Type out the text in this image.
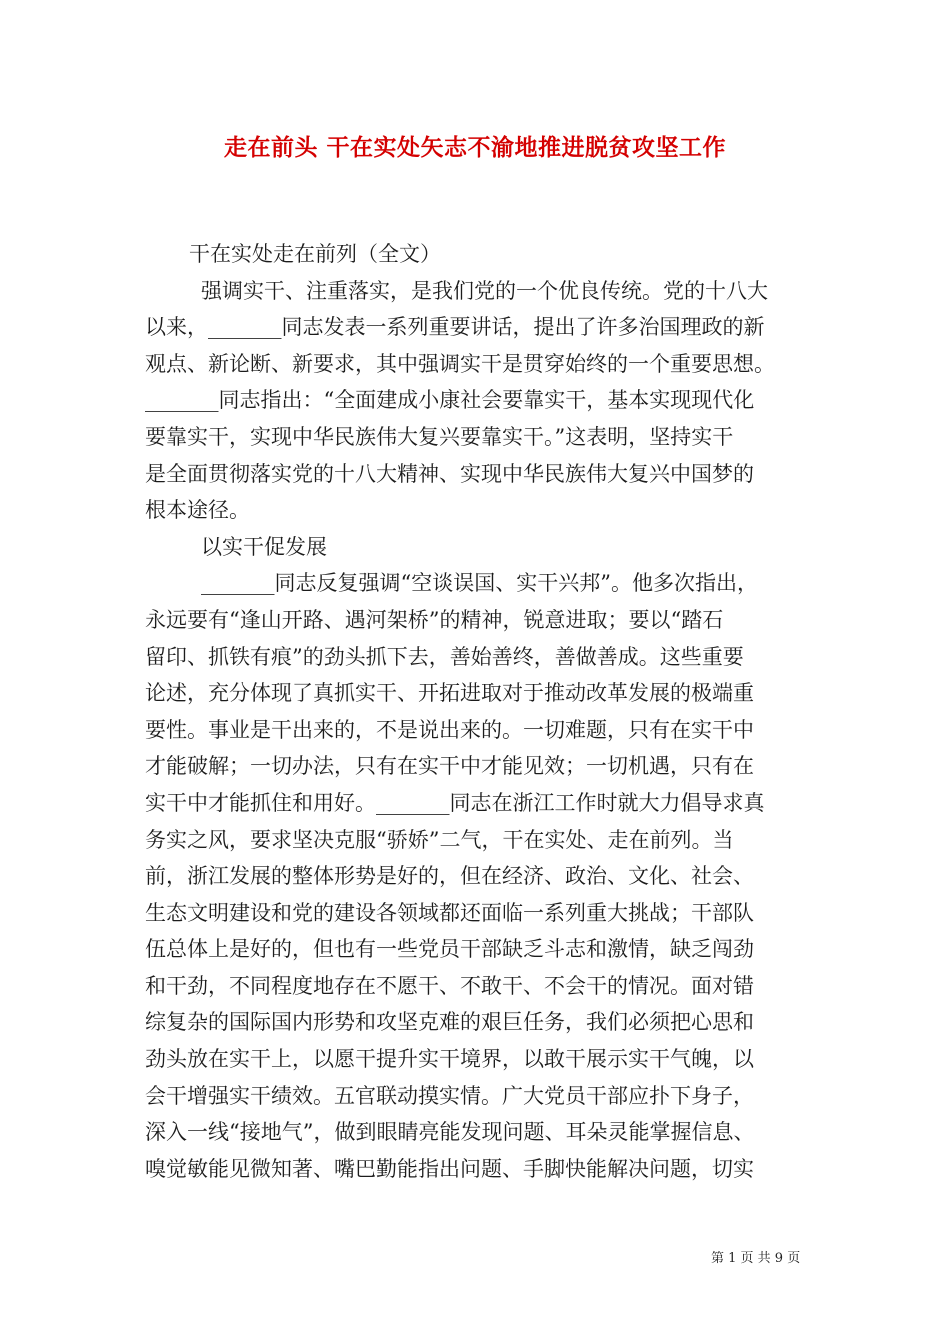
走在前头 干在实处矢志不渝地推进脱贫攻坚工作
干在实处走在前列（全文）
强调实干、注重落实，是我们党的一个优良传统。党的十八大
以来，_______同志发表一系列重要讲话，提出了许多治国理政的新
观点、新论断、新要求，其中强调实干是贯穿始终的一个重要思想。
_______同志指出：“全面建成小康社会要靠实干，基本实现现代化
要靠实干，实现中华民族伟大复兴要靠实干。”这表明，坚持实干
是全面贯彻落实党的十八大精神、实现中华民族伟大复兴中国梦的
根本途径。
以实干促发展
_______同志反复强调“空谈误国、实干兴邦”。他多次指出，
永远要有“逢山开路、遇河架桥”的精神，锐意进取；要以“踏石
留印、抓铁有痕”的劲头抓下去，善始善终，善做善成。这些重要
论述，充分体现了真抓实干、开拓进取对于推动改革发展的极端重
要性。事业是干出来的，不是说出来的。一切难题，只有在实干中
才能破解；一切办法，只有在实干中才能见效；一切机遇，只有在
实干中才能抓住和用好。_______同志在浙江工作时就大力倡导求真
务实之风，要求坚决克服“骄娇”二气，干在实处、走在前列。当
前，浙江发展的整体形势是好的，但在经济、政治、文化、社会、
生态文明建设和党的建设各领域都还面临一系列重大挑战；干部队
伍总体上是好的，但也有一些党员干部缺乏斗志和激情，缺乏闯劲
和干劲，不同程度地存在不愿干、不敢干、不会干的情况。面对错
综复杂的国际国内形势和攻坚克难的艰巨任务，我们必须把心思和
劲头放在实干上，以愿干提升实干境界，以敢干展示实干气魄，以
会干增强实干绩效。五官联动摸实情。广大党员干部应扑下身子，
深入一线“接地气”，做到眼睛亮能发现问题、耳朵灵能掌握信息、
嗅觉敏能见微知著、嘴巴勤能指出问题、手脚快能解决问题，切实
第 1 页 共 9 页
